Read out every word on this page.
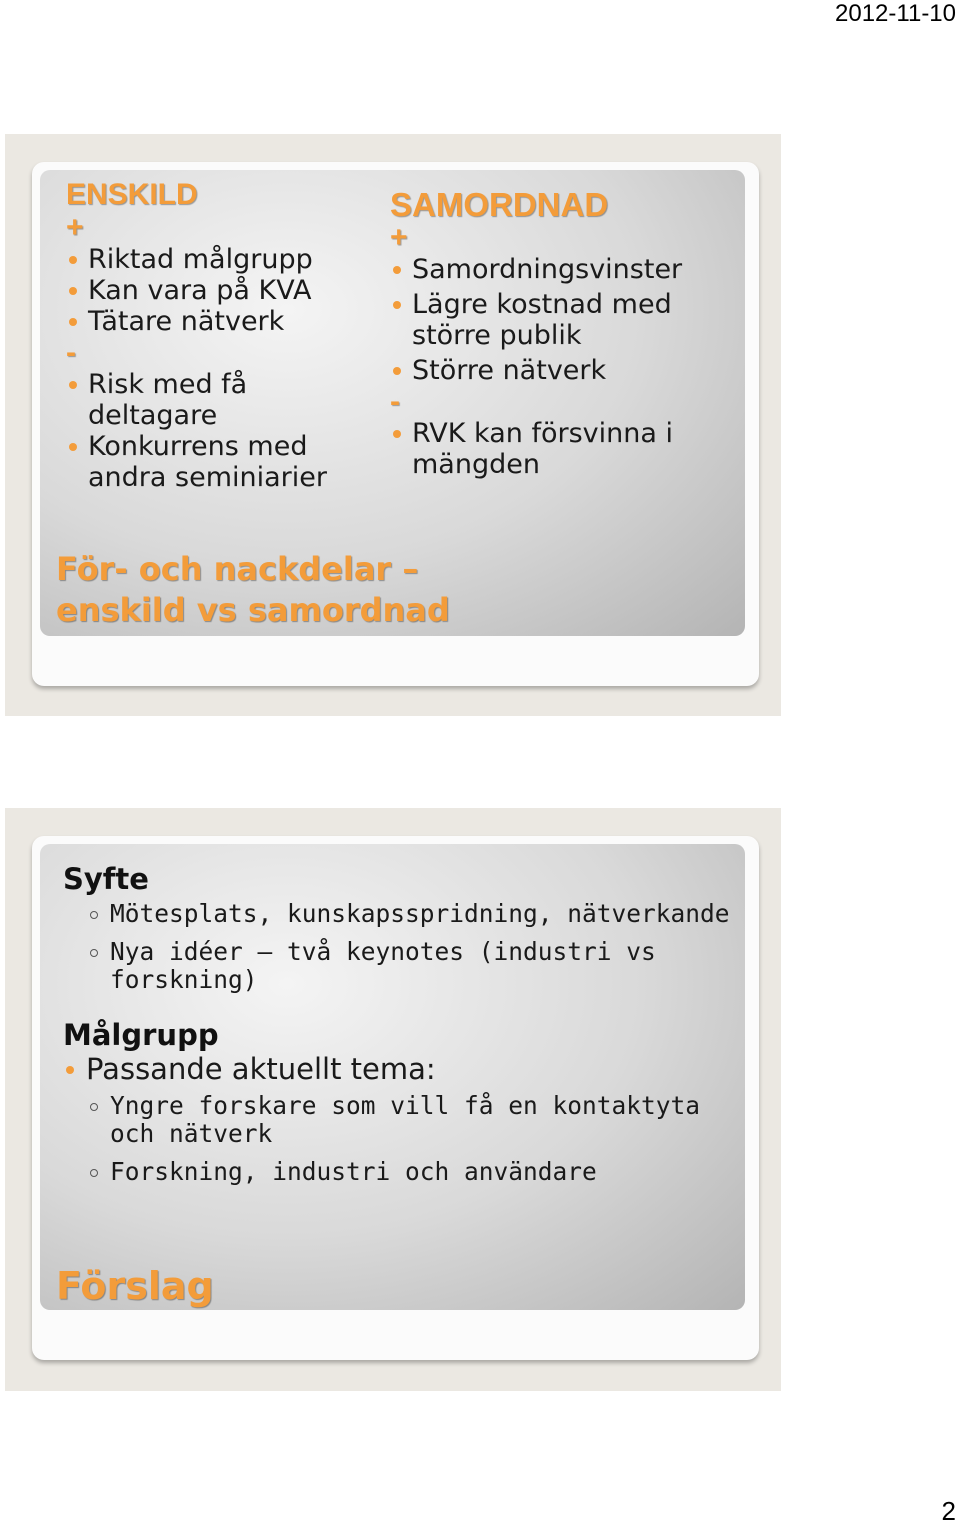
2012-11-10
ENSKILD
+
Riktad målgrupp
Kan vara på KVA
Tätare nätverk
-
Risk med få deltagare
Konkurrens med andra seminiarier
SAMORDNAD
+
Samordningsvinster
Lägre kostnad med större publik
Större nätverk
-
RVK kan försvinna i mängden
För- och nackdelar –
enskild vs samordnad
Syfte
Mötesplats, kunskapsspridning, nätverkande
Nya idéer – två keynotes (industri vs forskning)
Målgrupp
Passande aktuellt tema:
Yngre forskare som vill få en kontaktyta och nätverk
Forskning, industri och användare
Förslag
2
